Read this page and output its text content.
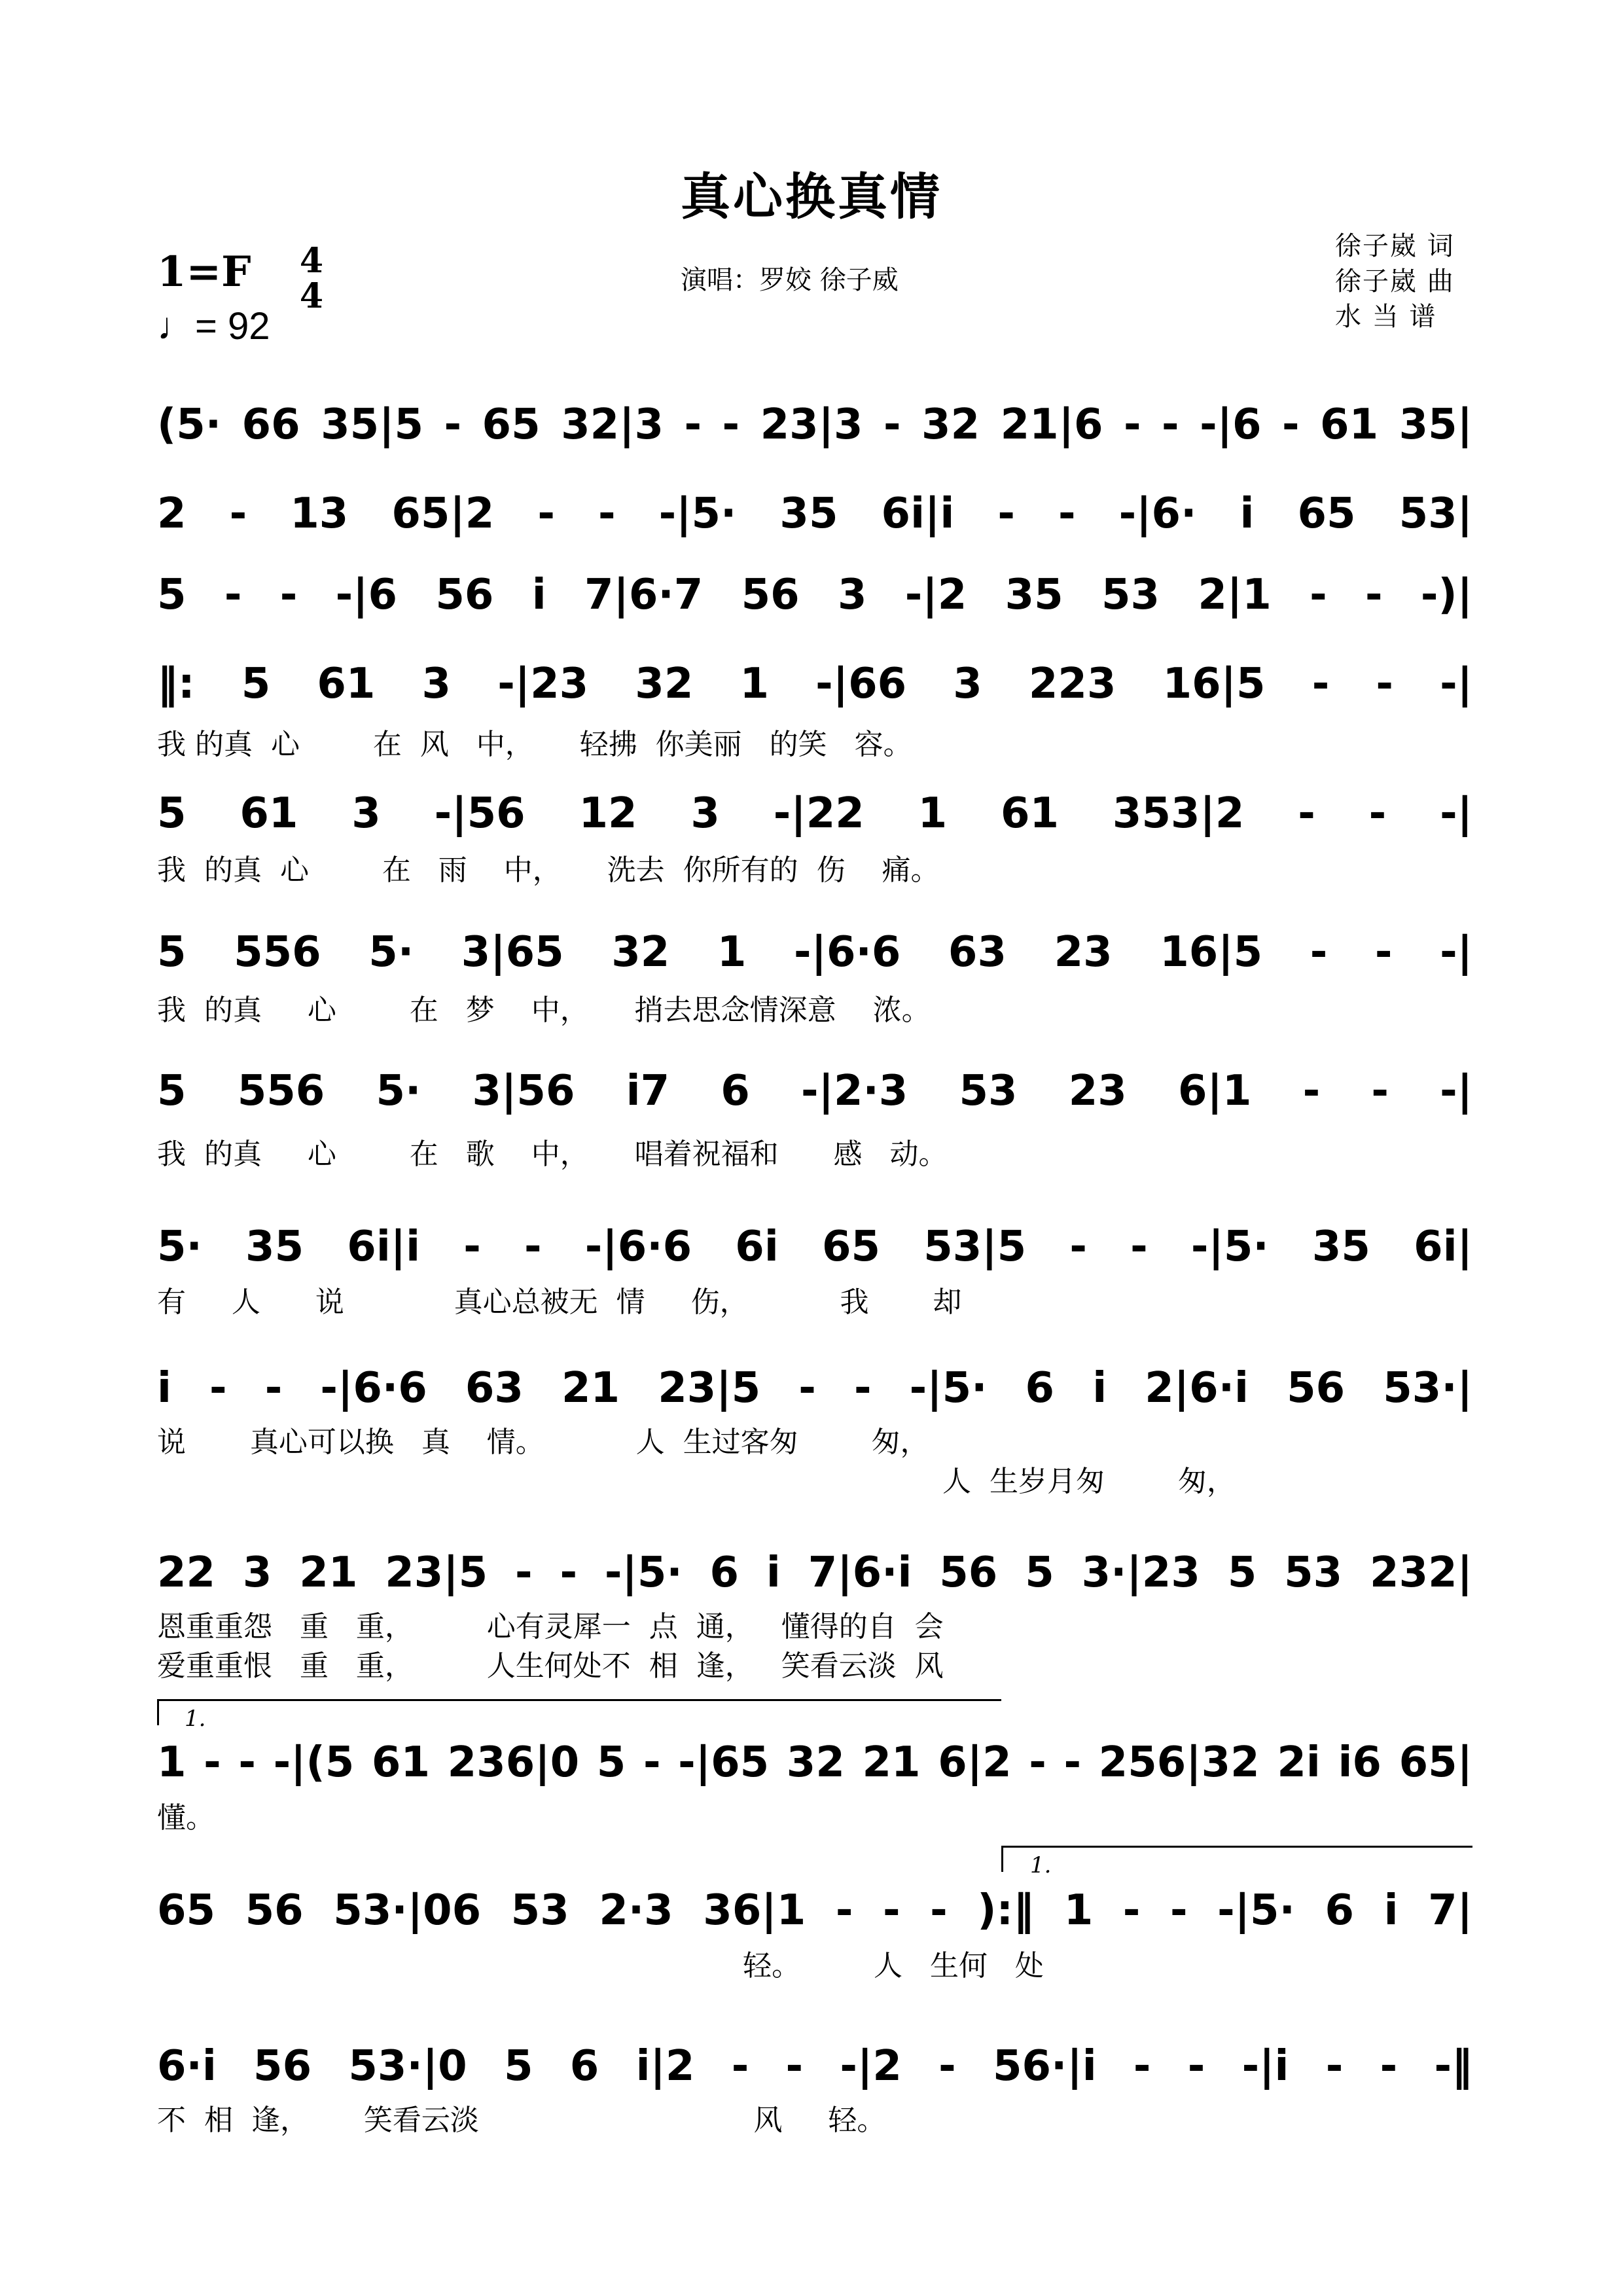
真心换真情
1=F 4
4
♩= 92
演唱：罗姣 徐子威
徐子崴 词
徐子崴 曲
水 当 谱
(5· 66 35|5 - 65 32|3 - - 23|3 - 32 21|6 - - -|6 - 61 35|
2 - 13 65|2 - - -|5· 35 6i|i - - -|6· i 65 53|
5 - - -|6 56 i 7|6·7 56 3 -|2 35 53 2|1 - - -)|
‖: 5 61 3 -|23 32 1 -|66 3 223 16|5 - - -|
我 的真  心        在  风   中，     轻拂  你美丽   的笑   容。
5 61 3 -|56 12 3 -|22 1 61 353|2 - - -|
我  的真  心        在   雨    中，     洗去  你所有的  伤    痛。
5 556 5· 3|65 32 1 -|6·6 63 23 16|5 - - -|
我  的真     心        在   梦    中，     捎去思念情深意    浓。
5 556 5· 3|56 i7 6 -|2·3 53 23 6|1 - - -|
我  的真     心        在   歌    中，     唱着祝福和      感   动。
5· 35 6i|i - - -|6·6 6i 65 53|5 - - -|5· 35 6i|
有     人      说            真心总被无  情     伤，          我       却
i - - -|6·6 63 21 23|5 - - -|5· 6 i 2|6·i 56 53·|
说       真心可以换   真    情。          人  生过客匆        匆，
人  生岁月匆        匆，
22 3 21 23|5 - - -|5· 6 i 7|6·i 56 5 3·|23 5 53 232|
恩重重怨   重   重，        心有灵犀一  点  通，   懂得的自  会
爱重重恨   重   重，        人生何处不  相  逢，   笑看云淡  风
1.
1 - - -|(5 61 236|0 5 - -|65 32 21 6|2 - - 256|32 2i i6 65|
懂。
1.
65 56 53·|06 53 2·3 36|1 - - - ):‖ 1 - - -|5· 6 i 7|
轻。        人   生何   处
6·i 56 53·|0 5 6 i|2 - - -|2 - 56·|i - - -|i - - -‖
不  相  逢，      笑看云淡                              风     轻。
